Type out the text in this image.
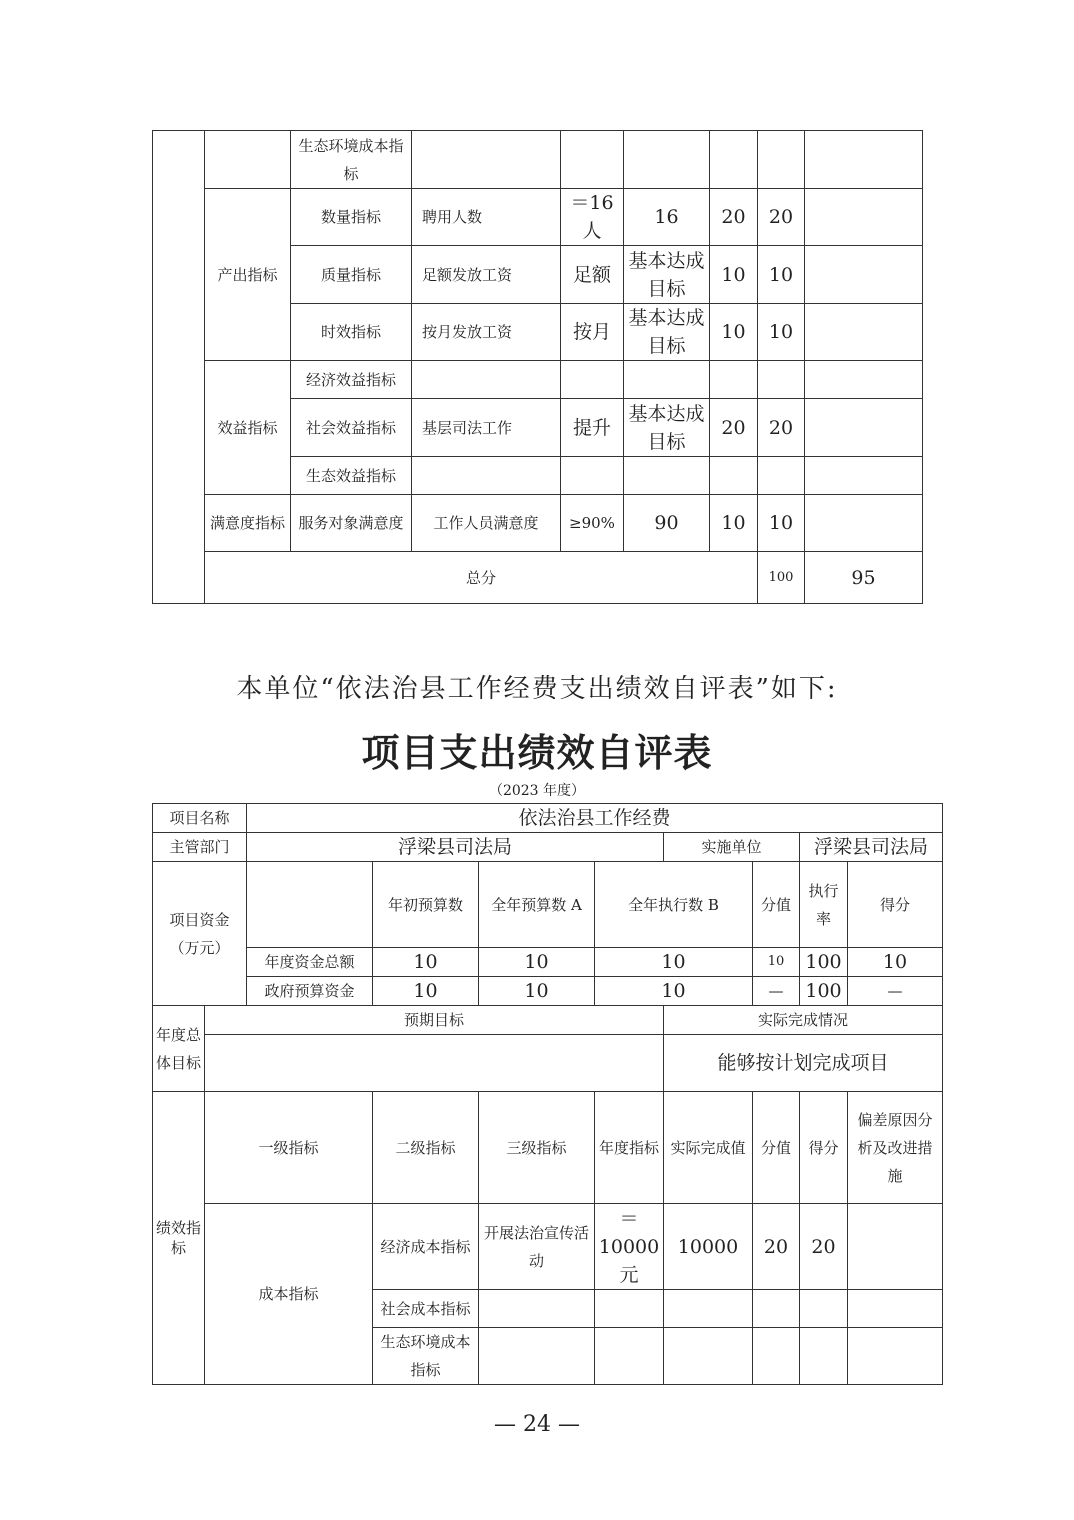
		生态环境成本指标							
	产出指标	数量指标	聘用人数	＝16人	16	20	20		
		质量指标	足额发放工资	足额	基本达成目标	10	10		
		时效指标	按月发放工资	按月	基本达成目标	10	10		
	效益指标	经济效益指标							
		社会效益指标	基层司法工作	提升	基本达成目标	20	20		
		生态效益指标							
	满意度指标	服务对象满意度	工作人员满意度	≥90%	90	10	10		
	总分						100	95	
本单位“依法治县工作经费支出绩效自评表”如下:
项目支出绩效自评表
（2023 年度）
项目名称		依法治县工作经费							
主管部门		浮梁县司法局				实施单位		浮梁县司法局	
项目资金（万元）			年初预算数	全年预算数 A	全年执行数 B		分值	执行率	得分
		年度资金总额	10	10	10		10	100	10
		政府预算资金	10	10	10		—	100	—
年度总体目标	预期目标					实际完成情况			
						能够按计划完成项目			
绩效指标	一级指标		二级指标	三级指标	年度指标	实际完成值	分值	得分	偏差原因分析及改进措施
	成本指标		经济成本指标	开展法治宣传活动	＝10000元	10000	20	20	
			社会成本指标						
			生态环境成本指标						
— 24 —
